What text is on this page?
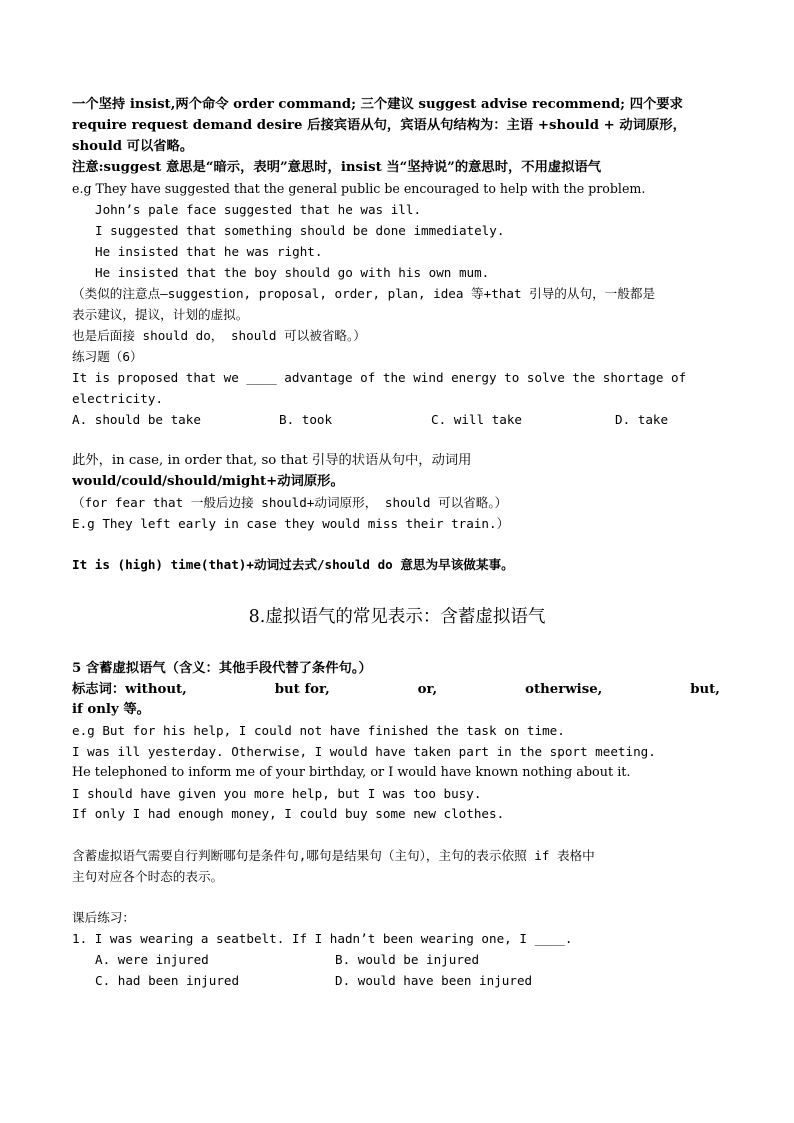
一个坚持 insist,两个命令 order command; 三个建议 suggest advise recommend; 四个要求
require request demand desire 后接宾语从句，宾语从句结构为：主语 +should + 动词原形，
should 可以省略。
注意:suggest 意思是“暗示，表明”意思时，insist 当“坚持说”的意思时，不用虚拟语气
e.g They have suggested that the general public be encouraged to help with the problem.
John’s pale face suggested that he was ill.
I suggested that something should be done immediately.
He insisted that he was right.
He insisted that the boy should go with his own mum.
（类似的注意点—suggestion, proposal, order, plan, idea 等+that 引导的从句，一般都是
表示建议，提议，计划的虚拟。
也是后面接 should do， should 可以被省略。）
练习题（6）
It is proposed that we ____ advantage of the wind energy to solve the shortage of
electricity.
A. should be take	B. took	C. will take	D. take
此外，in case, in order that, so that 引导的状语从句中，动词用
would/could/should/might+动词原形。
（for fear that 一般后边接 should+动词原形， should 可以省略。）
E.g They left early in case they would miss their train.）
It is (high) time(that)+动词过去式/should do 意思为早该做某事。
8.虚拟语气的常见表示：含蓄虚拟语气
5 含蓄虚拟语气（含义：其他手段代替了条件句。）
标志词：without,	but for,	or,	otherwise,	but,
if only 等。
e.g But for his help, I could not have finished the task on time.
I was ill yesterday. Otherwise, I would have taken part in the sport meeting.
He telephoned to inform me of your birthday, or I would have known nothing about it.
I should have given you more help, but I was too busy.
If only I had enough money, I could buy some new clothes.
含蓄虚拟语气需要自行判断哪句是条件句,哪句是结果句（主句），主句的表示依照 if 表格中
主句对应各个时态的表示。
课后练习：
1. I was wearing a seatbelt. If I hadn’t been wearing one, I ____.
A. were injured	B. would be injured
C. had been injured	D. would have been injured
